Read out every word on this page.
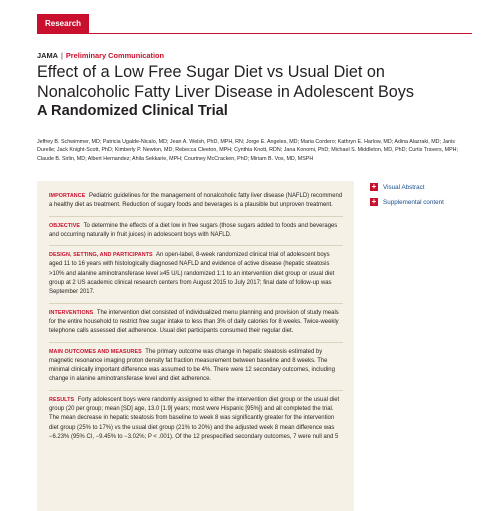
Research
JAMA | Preliminary Communication
Effect of a Low Free Sugar Diet vs Usual Diet on Nonalcoholic Fatty Liver Disease in Adolescent Boys
A Randomized Clinical Trial
Jeffrey B. Schwimmer, MD; Patricia Ugalde-Nicalo, MD; Jean A. Welsh, PhD, MPH, RN; Jorge E. Angeles, MD; Maria Cordero; Kathryn E. Harlow, MD; Adina Alazraki, MD; Janis Durelle; Jack Knight-Scott, PhD; Kimberly P. Newton, MD; Rebecca Cleeton, MPH; Cynthia Knott, RDN; Jana Konomi, PhD; Michael S. Middleton, MD, PhD; Curtis Travers, MPH; Claude B. Sirlin, MD; Albert Hernandez; Ahila Sekkarie, MPH; Courtney McCracken, PhD; Miriam B. Vos, MD, MSPH

IMPORTANCE Pediatric guidelines for the management of nonalcoholic fatty liver disease (NAFLD) recommend a healthy diet as treatment. Reduction of sugary foods and beverages is a plausible but unproven treatment.

OBJECTIVE To determine the effects of a diet low in free sugars (those sugars added to foods and beverages and occurring naturally in fruit juices) in adolescent boys with NAFLD.

DESIGN, SETTING, AND PARTICIPANTS An open-label, 8-week randomized clinical trial of adolescent boys aged 11 to 16 years with histologically diagnosed NAFLD and evidence of active disease (hepatic steatosis >10% and alanine aminotransferase level ≥45 U/L) randomized 1:1 to an intervention diet group or usual diet group at 2 US academic clinical research centers from August 2015 to July 2017; final date of follow-up was September 2017.

INTERVENTIONS The intervention diet consisted of individualized menu planning and provision of study meals for the entire household to restrict free sugar intake to less than 3% of daily calories for 8 weeks. Twice-weekly telephone calls assessed diet adherence. Usual diet participants consumed their regular diet.

MAIN OUTCOMES AND MEASURES The primary outcome was change in hepatic steatosis estimated by magnetic resonance imaging proton density fat fraction measurement between baseline and 8 weeks. The minimal clinically important difference was assumed to be 4%. There were 12 secondary outcomes, including change in alanine aminotransferase level and diet adherence.

RESULTS Forty adolescent boys were randomly assigned to either the intervention diet group or the usual diet group (20 per group; mean [SD] age, 13.0 [1.9] years; most were Hispanic [95%]) and all completed the trial. The mean decrease in hepatic steatosis from baseline to week 8 was significantly greater for the intervention diet group (25% to 17%) vs the usual diet group (21% to 20%) and the adjusted week 8 mean difference was −6.23% (95% CI, −9.45% to −3.02%; P < .001). Of the 12 prespecified secondary outcomes, 7 were null and 5

+ Visual Abstract
+ Supplemental content
